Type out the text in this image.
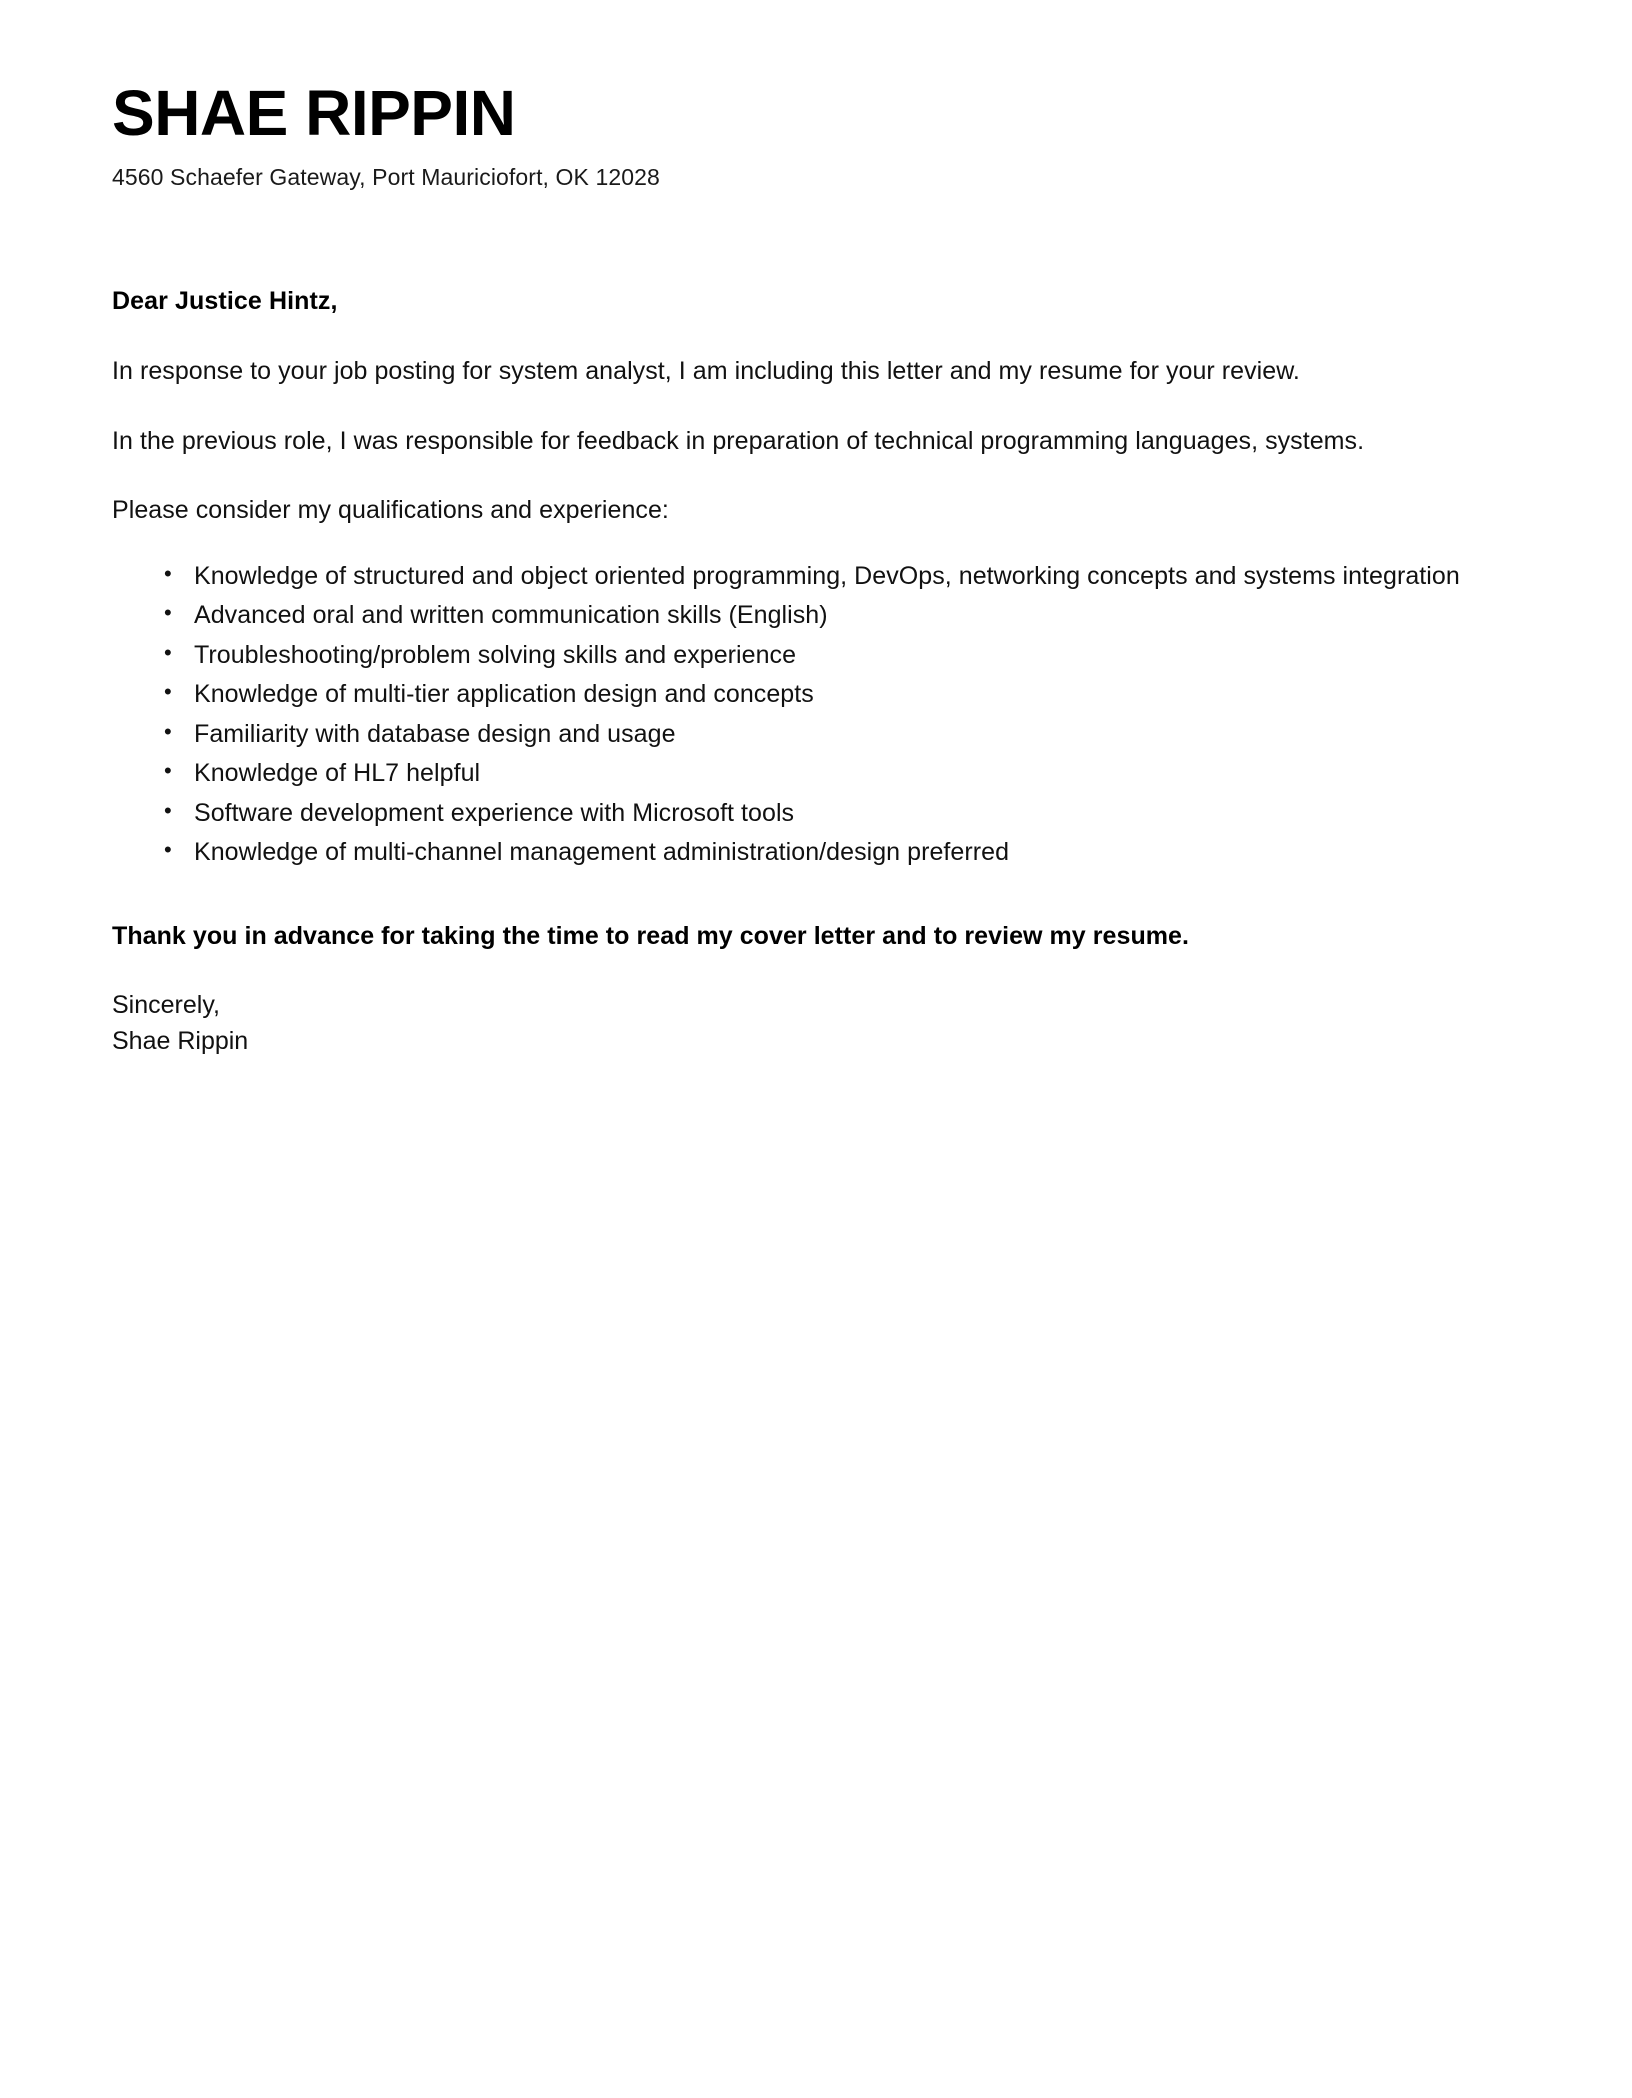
SHAE RIPPIN

4560 Schaefer Gateway, Port Mauriciofort, OK 12028

Dear Justice Hintz,

In response to your job posting for system analyst, I am including this letter and my resume for your review.

In the previous role, I was responsible for feedback in preparation of technical programming languages, systems.

Please consider my qualifications and experience:

• Knowledge of structured and object oriented programming, DevOps, networking concepts and systems integration
• Advanced oral and written communication skills (English)
• Troubleshooting/problem solving skills and experience
• Knowledge of multi-tier application design and concepts
• Familiarity with database design and usage
• Knowledge of HL7 helpful
• Software development experience with Microsoft tools
• Knowledge of multi-channel management administration/design preferred

Thank you in advance for taking the time to read my cover letter and to review my resume.

Sincerely,
Shae Rippin
